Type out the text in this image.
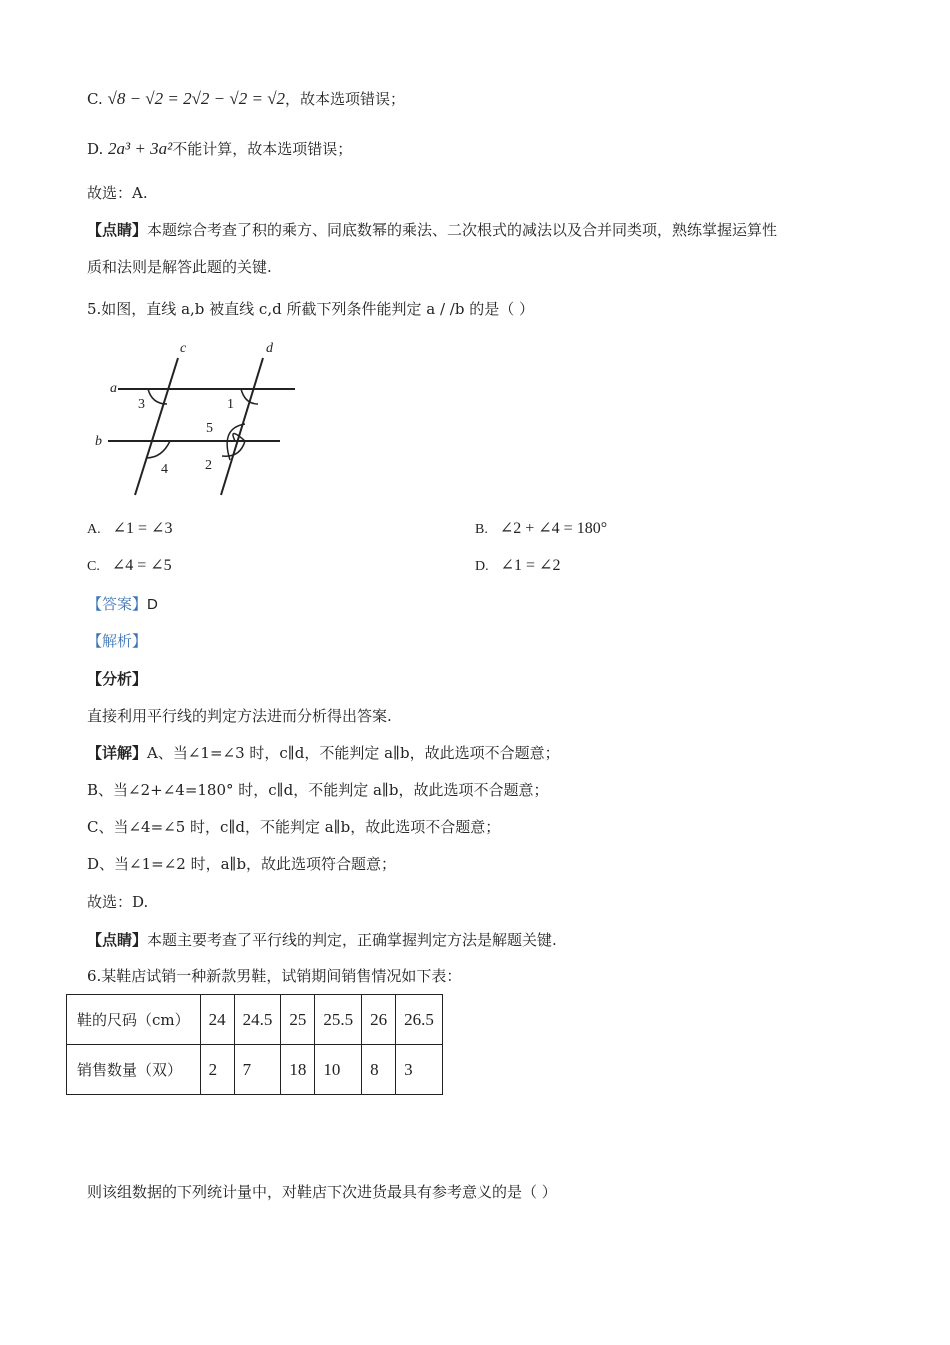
C. √8 − √2 = 2√2 − √2 = √2，故本选项错误；
D. 2a³ + 3a²不能计算，故本选项错误；
故选：A.
【点睛】本题综合考查了积的乘方、同底数幂的乘法、二次根式的减法以及合并同类项，熟练掌握运算性
质和法则是解答此题的关键.
5.如图，直线 a,b 被直线 c,d 所截下列条件能判定 a / /b 的是（ ）
c	d
a
b
1
3
5
2
4
A. ∠1 = ∠3	B. ∠2 + ∠4 = 180°
C. ∠4 = ∠5	D. ∠1 = ∠2
【答案】D
【解析】
【分析】
直接利用平行线的判定方法进而分析得出答案.
【详解】A、当∠1=∠3 时，c∥d，不能判定 a∥b，故此选项不合题意；
B、当∠2+∠4=180° 时，c∥d，不能判定 a∥b，故此选项不合题意；
C、当∠4=∠5 时，c∥d，不能判定 a∥b，故此选项不合题意；
D、当∠1=∠2 时，a∥b，故此选项符合题意；
故选：D.
【点睛】本题主要考查了平行线的判定，正确掌握判定方法是解题关键.
6.某鞋店试销一种新款男鞋，试销期间销售情况如下表：
鞋的尺码（cm）	24	24.5	25	25.5	26	26.5
销售数量（双）	2	7	18	10	8	3
则该组数据的下列统计量中，对鞋店下次进货最具有参考意义的是（ ）
